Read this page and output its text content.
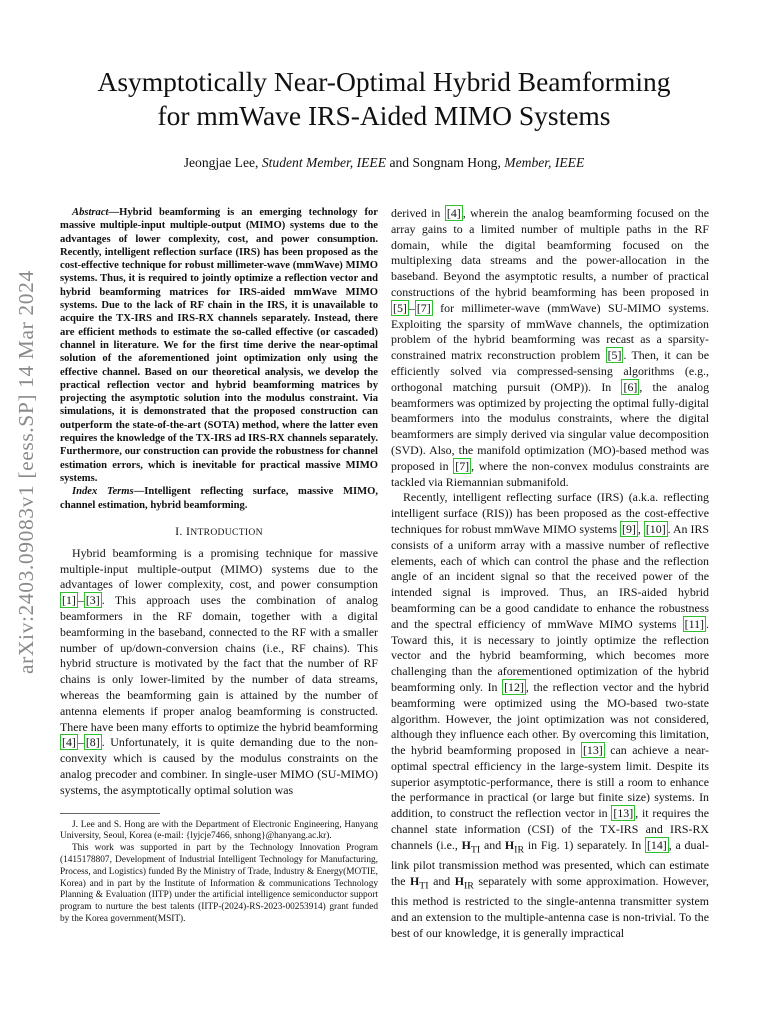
arXiv:2403.09083v1 [eess.SP] 14 Mar 2024
Asymptotically Near-Optimal Hybrid Beamforming
for mmWave IRS-Aided MIMO Systems
Jeongjae Lee, Student Member, IEEE and Songnam Hong, Member, IEEE

Abstract—Hybrid beamforming is an emerging technology for massive multiple-input multiple-output (MIMO) systems due to the advantages of lower complexity, cost, and power consumption. Recently, intelligent reflection surface (IRS) has been proposed as the cost-effective technique for robust millimeter-wave (mmWave) MIMO systems. Thus, it is required to jointly optimize a reflection vector and hybrid beamforming matrices for IRS-aided mmWave MIMO systems. Due to the lack of RF chain in the IRS, it is unavailable to acquire the TX-IRS and IRS-RX channels separately. Instead, there are efficient methods to estimate the so-called effective (or cascaded) channel in literature. We for the first time derive the near-optimal solution of the aforementioned joint optimization only using the effective channel. Based on our theoretical analysis, we develop the practical reflection vector and hybrid beamforming matrices by projecting the asymptotic solution into the modulus constraint. Via simulations, it is demonstrated that the proposed construction can outperform the state-of-the-art (SOTA) method, where the latter even requires the knowledge of the TX-IRS ad IRS-RX channels separately. Furthermore, our construction can provide the robustness for channel estimation errors, which is inevitable for practical massive MIMO systems.

Index Terms—Intelligent reflecting surface, massive MIMO, channel estimation, hybrid beamforming.

I. INTRODUCTION

Hybrid beamforming is a promising technique for massive multiple-input multiple-output (MIMO) systems due to the advantages of lower complexity, cost, and power consumption [1] – [3] . This approach uses the combination of analog beamformers in the RF domain, together with a digital beamforming in the baseband, connected to the RF with a smaller number of up/down-conversion chains (i.e., RF chains). This hybrid structure is motivated by the fact that the number of RF chains is only lower-limited by the number of data streams, whereas the beamforming gain is attained by the number of antenna elements if proper analog beamforming is constructed. There have been many efforts to optimize the hybrid beamforming [4] – [8] . Unfortunately, it is quite demanding due to the non-convexity which is caused by the modulus constraints on the analog precoder and combiner. In single-user MIMO (SU-MIMO) systems, the asymptotically optimal solution was

J. Lee and S. Hong are with the Department of Electronic Engineering, Hanyang University, Seoul, Korea (e-mail: {lyjcje7466, snhong}@hanyang.ac.kr).

This work was supported in part by the Technology Innovation Program (1415178807, Development of Industrial Intelligent Technology for Manufacturing, Process, and Logistics) funded By the Ministry of Trade, Industry & Energy(MOTIE, Korea) and in part by the Institute of Information & communications Technology Planning & Evaluation (IITP) under the artificial intelligence semiconductor support program to nurture the best talents (IITP-(2024)-RS-2023-00253914) grant funded by the Korea government(MSIT).

derived in [4] , wherein the analog beamforming focused on the array gains to a limited number of multiple paths in the RF domain, while the digital beamforming focused on the multiplexing data streams and the power-allocation in the baseband. Beyond the asymptotic results, a number of practical constructions of the hybrid beamforming has been proposed in [5] – [7] for millimeter-wave (mmWave) SU-MIMO systems. Exploiting the sparsity of mmWave channels, the optimization problem of the hybrid beamforming was recast as a sparsity-constrained matrix reconstruction problem [5] . Then, it can be efficiently solved via compressed-sensing algorithms (e.g., orthogonal matching pursuit (OMP)). In [6] , the analog beamformers was optimized by projecting the optimal fully-digital beamformers into the modulus constraints, where the digital beamformers are simply derived via singular value decomposition (SVD). Also, the manifold optimization (MO)-based method was proposed in [7] , where the non-convex modulus constraints are tackled via Riemannian submanifold.

Recently, intelligent reflecting surface (IRS) (a.k.a. reflecting intelligent surface (RIS)) has been proposed as the cost-effective techniques for robust mmWave MIMO systems [9] , [10] . An IRS consists of a uniform array with a massive number of reflective elements, each of which can control the phase and the reflection angle of an incident signal so that the received power of the intended signal is improved. Thus, an IRS-aided hybrid beamforming can be a good candidate to enhance the robustness and the spectral efficiency of mmWave MIMO systems [11] . Toward this, it is necessary to jointly optimize the reflection vector and the hybrid beamforming, which becomes more challenging than the aforementioned optimization of the hybrid beamforming only. In [12] , the reflection vector and the hybrid beamforming were optimized using the MO-based two-state algorithm. However, the joint optimization was not considered, although they influence each other. By overcoming this limitation, the hybrid beamforming proposed in [13] can achieve a near-optimal spectral efficiency in the large-system limit. Despite its superior asymptotic-performance, there is still a room to enhance the performance in practical (or large but finite size) systems. In addition, to construct the reflection vector in [13] , it requires the channel state information (CSI) of the TX-IRS and IRS-RX channels (i.e., $H_{TI}$ and $H_{IR}$ in Fig. 1) separately. In [14] , a dual-link pilot transmission method was presented, which can estimate the $H_{TI}$ and $H_{IR}$ separately with some approximation. However, this method is restricted to the single-antenna transmitter system and an extension to the multiple-antenna case is non-trivial. To the best of our knowledge, it is generally impractical
